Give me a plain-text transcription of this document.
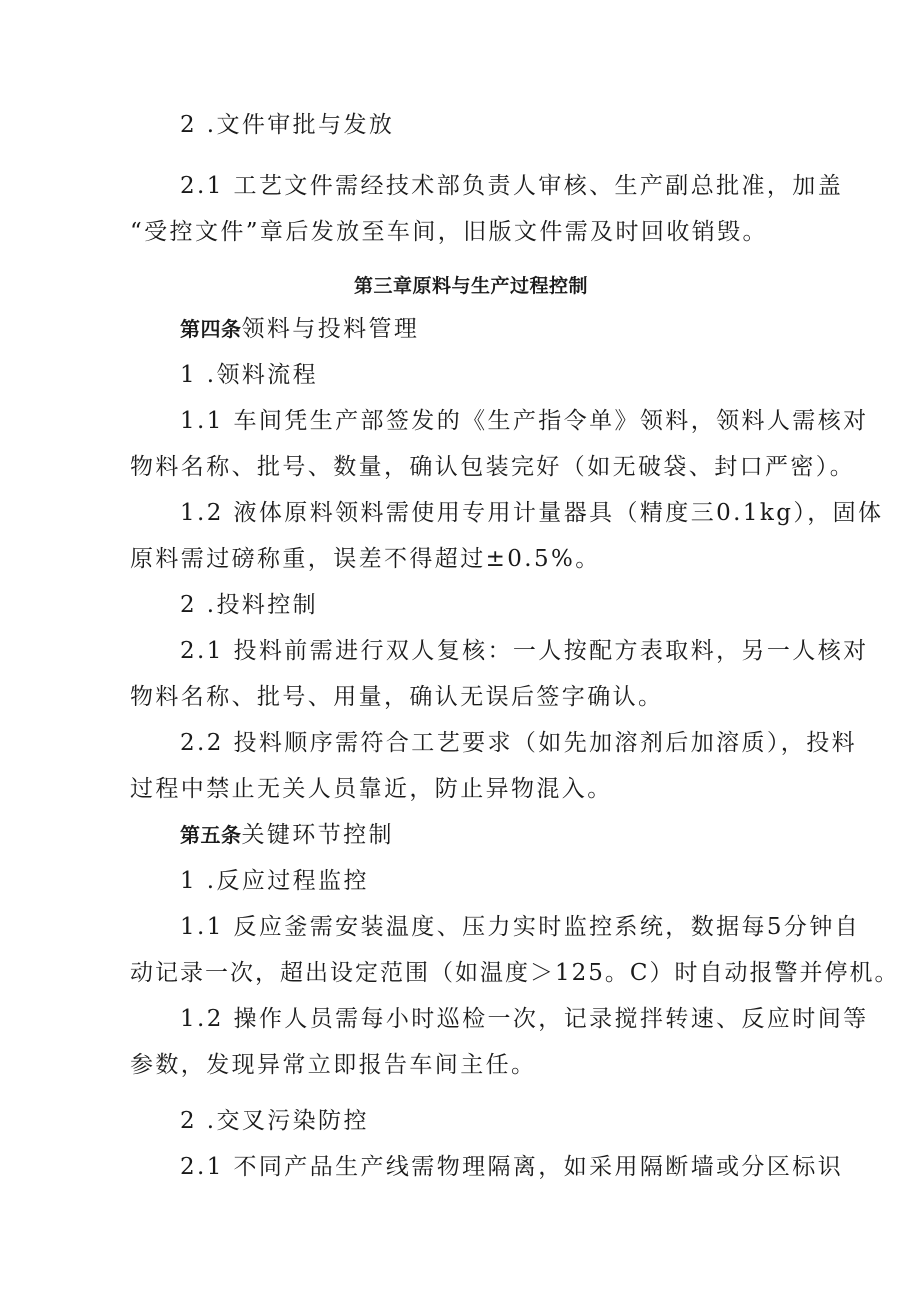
2 .文件审批与发放
2.1 工艺文件需经技术部负责人审核、生产副总批准，加盖
“受控文件”章后发放至车间，旧版文件需及时回收销毁。
第三章原料与生产过程控制
第四条领料与投料管理
1 .领料流程
1.1 车间凭生产部签发的《生产指令单》领料，领料人需核对
物料名称、批号、数量，确认包装完好（如无破袋、封口严密）。
1.2 液体原料领料需使用专用计量器具（精度三0.1kg），固体
原料需过磅称重，误差不得超过±0.5%。
2 .投料控制
2.1 投料前需进行双人复核：一人按配方表取料，另一人核对
物料名称、批号、用量，确认无误后签字确认。
2.2 投料顺序需符合工艺要求（如先加溶剂后加溶质），投料
过程中禁止无关人员靠近，防止异物混入。
第五条关键环节控制
1 .反应过程监控
1.1 反应釜需安装温度、压力实时监控系统，数据每5分钟自
动记录一次，超出设定范围（如温度＞125。C）时自动报警并停机。
1.2 操作人员需每小时巡检一次，记录搅拌转速、反应时间等
参数，发现异常立即报告车间主任。
2 .交叉污染防控
2.1 不同产品生产线需物理隔离，如采用隔断墙或分区标识
